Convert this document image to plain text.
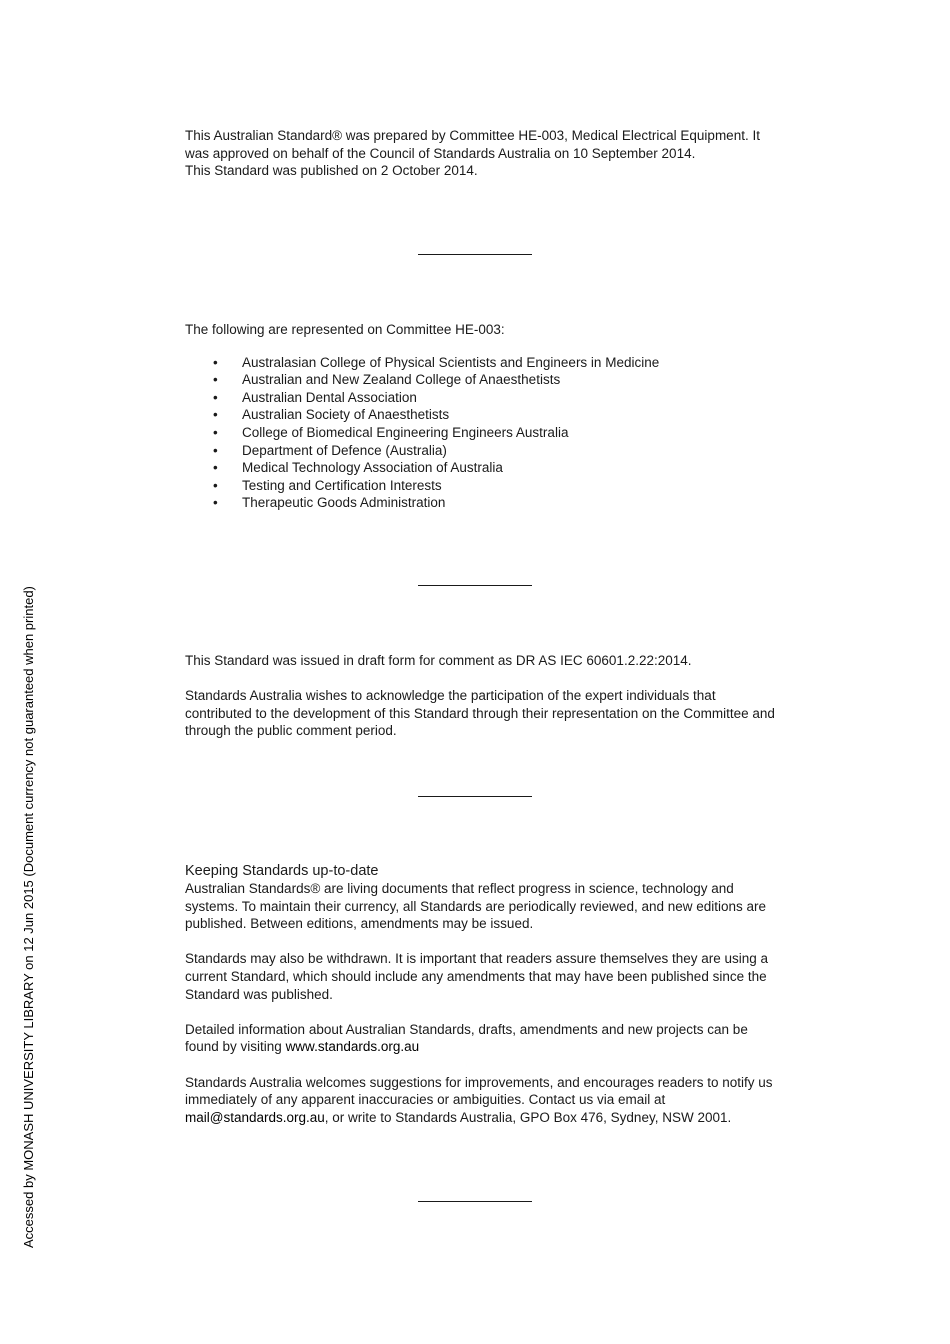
This Australian Standard® was prepared by Committee HE-003, Medical Electrical Equipment. It was approved on behalf of the Council of Standards Australia on 10 September 2014.

This Standard was published on 2 October 2014.

The following are represented on Committee HE-003:

• Australasian College of Physical Scientists and Engineers in Medicine
• Australian and New Zealand College of Anaesthetists
• Australian Dental Association
• Australian Society of Anaesthetists
• College of Biomedical Engineering Engineers Australia
• Department of Defence (Australia)
• Medical Technology Association of Australia
• Testing and Certification Interests
• Therapeutic Goods Administration

This Standard was issued in draft form for comment as DR AS IEC 60601.2.22:2014.

Standards Australia wishes to acknowledge the participation of the expert individuals that contributed to the development of this Standard through their representation on the Committee and through the public comment period.

Keeping Standards up-to-date

Australian Standards® are living documents that reflect progress in science, technology and systems. To maintain their currency, all Standards are periodically reviewed, and new editions are published. Between editions, amendments may be issued.

Standards may also be withdrawn. It is important that readers assure themselves they are using a current Standard, which should include any amendments that may have been published since the Standard was published.

Detailed information about Australian Standards, drafts, amendments and new projects can be found by visiting www.standards.org.au

Standards Australia welcomes suggestions for improvements, and encourages readers to notify us immediately of any apparent inaccuracies or ambiguities. Contact us via email at mail@standards.org.au, or write to Standards Australia, GPO Box 476, Sydney, NSW 2001.

Accessed by MONASH UNIVERSITY LIBRARY on 12 Jun 2015 (Document currency not guaranteed when printed)
